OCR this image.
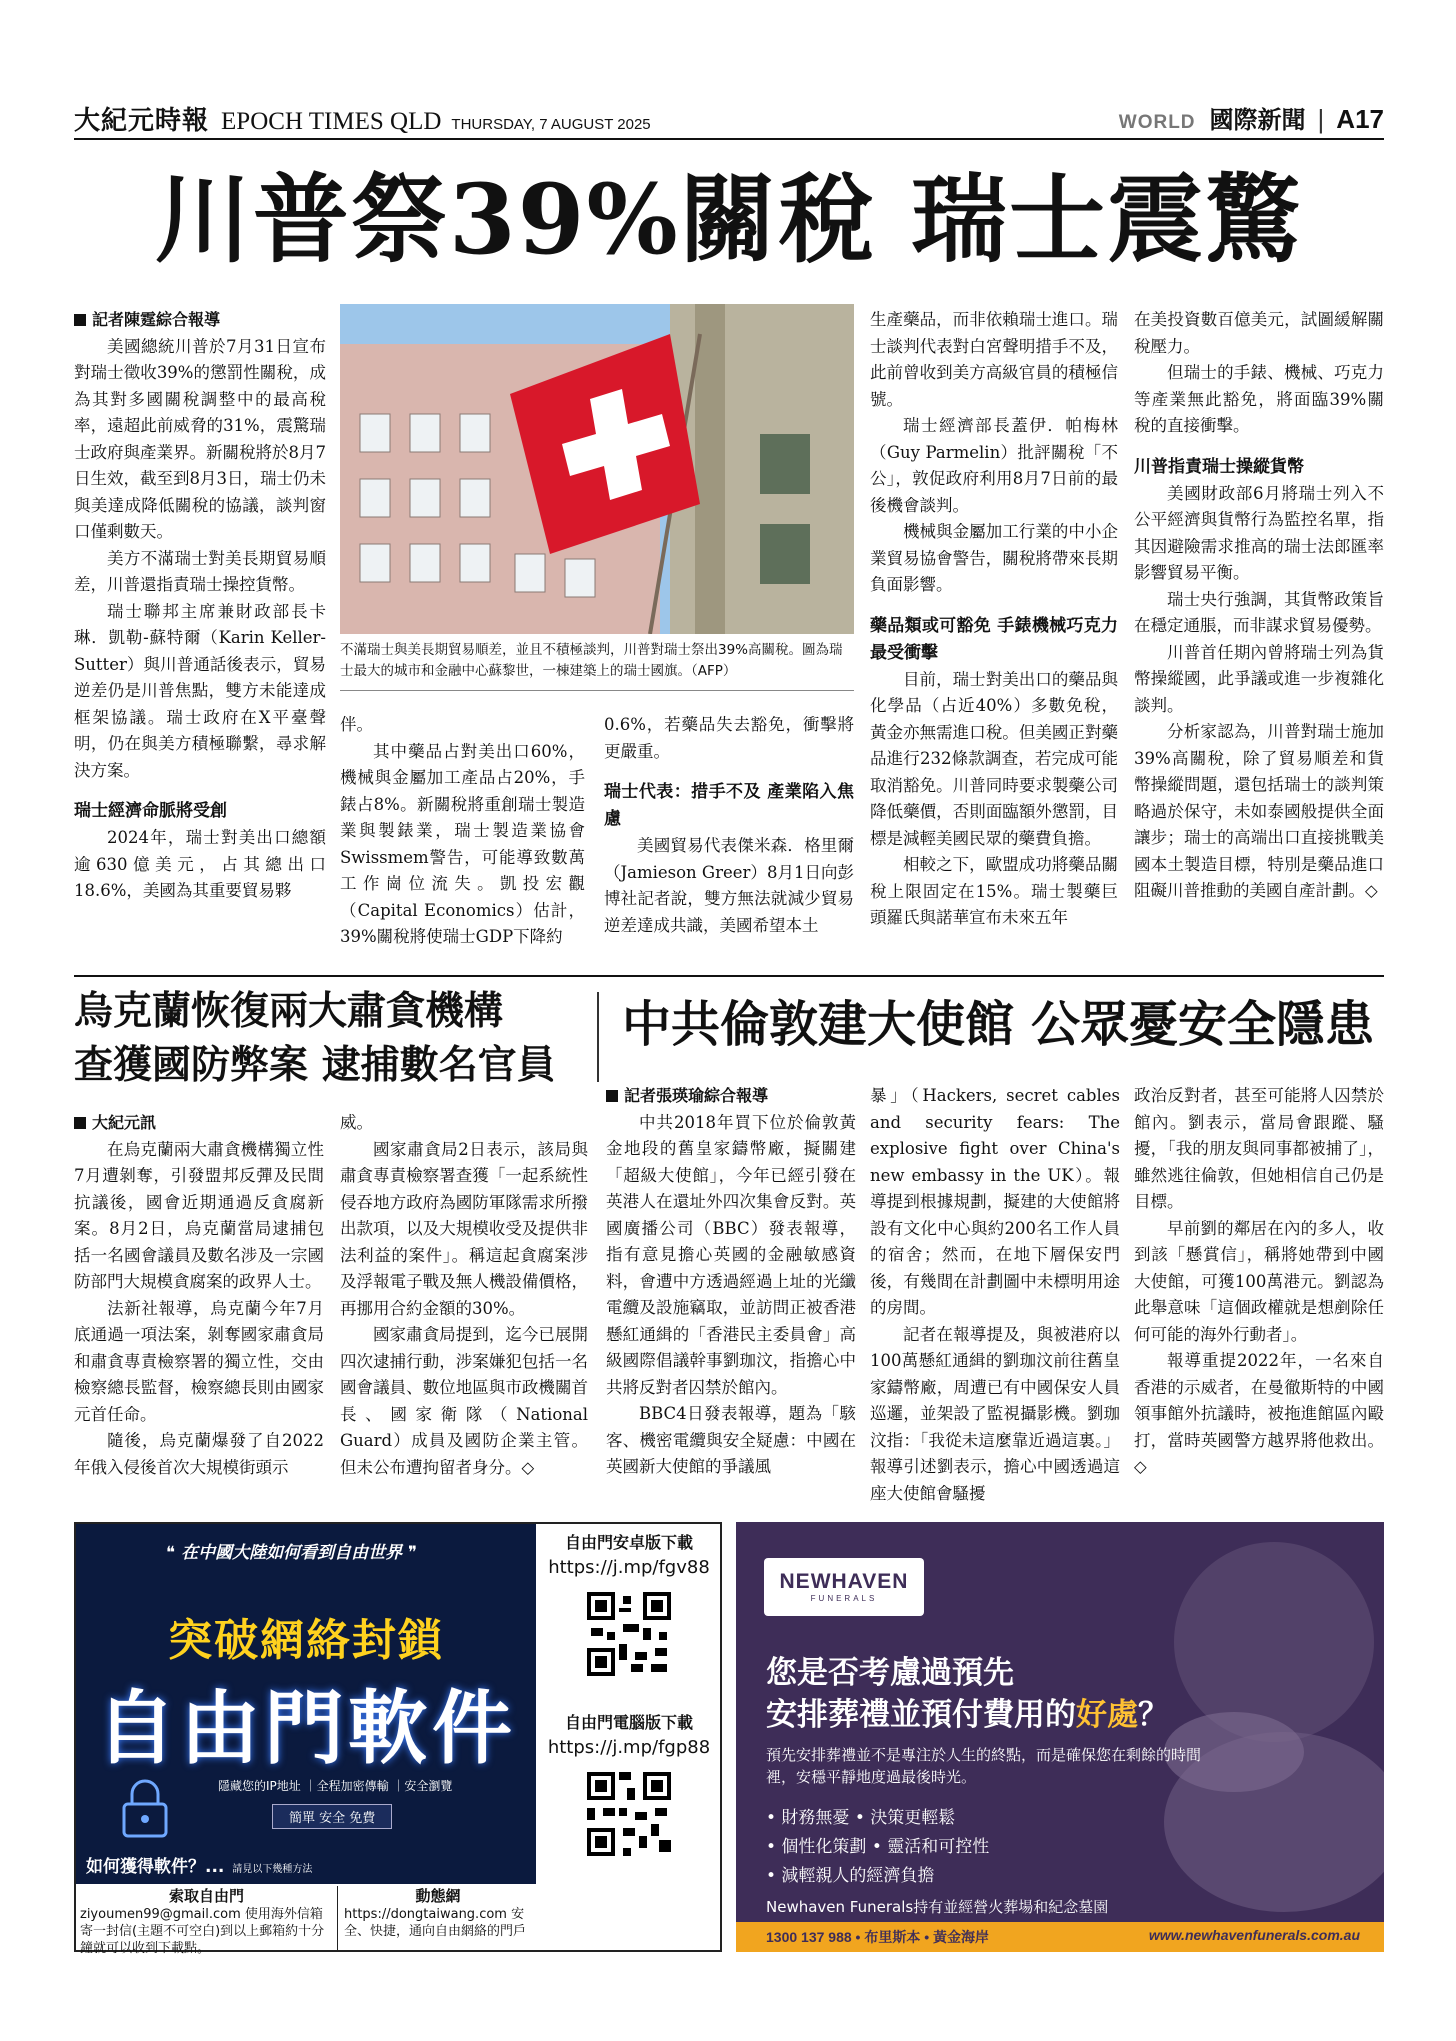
大紀元時報 EPOCH TIMES QLD THURSDAY, 7 AUGUST 2025	WORLD 國際新聞 | A17
川普祭39%關稅 瑞士震驚

記者陳霆綜合報導

美國總統川普於7月31日宣布對瑞士徵收39%的懲罰性關稅，成為其對多國關稅調整中的最高稅率，遠超此前威脅的31%，震驚瑞士政府與產業界。新關稅將於8月7日生效，截至到8月3日，瑞士仍未與美達成降低關稅的協議，談判窗口僅剩數天。

美方不滿瑞士對美長期貿易順差，川普還指責瑞士操控貨幣。

瑞士聯邦主席兼財政部長卡琳．凱勒-蘇特爾（Karin Keller-Sutter）與川普通話後表示，貿易逆差仍是川普焦點，雙方未能達成框架協議。瑞士政府在X平臺聲明，仍在與美方積極聯繫，尋求解決方案。

瑞士經濟命脈將受創

2024年，瑞士對美出口總額逾630億美元，占其總出口18.6%，美國為其重要貿易夥

不滿瑞士與美長期貿易順差，並且不積極談判，川普對瑞士祭出39%高關稅。圖為瑞士最大的城市和金融中心蘇黎世，一棟建築上的瑞士國旗。（AFP）

伴。

其中藥品占對美出口60%，機械與金屬加工產品占20%，手錶占8%。新關稅將重創瑞士製造業與製錶業，瑞士製造業協會Swissmem警告，可能導致數萬工作崗位流失。凱投宏觀（Capital Economics）估計，39%關稅將使瑞士GDP下降約

0.6%，若藥品失去豁免，衝擊將更嚴重。

瑞士代表：措手不及 產業陷入焦慮

美國貿易代表傑米森．格里爾（Jamieson Greer）8月1日向彭博社記者說，雙方無法就減少貿易逆差達成共識，美國希望本土

生產藥品，而非依賴瑞士進口。瑞士談判代表對白宮聲明措手不及，此前曾收到美方高級官員的積極信號。

瑞士經濟部長蓋伊．帕梅林（Guy Parmelin）批評關稅「不公」，敦促政府利用8月7日前的最後機會談判。

機械與金屬加工行業的中小企業貿易協會警告，關稅將帶來長期負面影響。

藥品類或可豁免 手錶機械巧克力最受衝擊

目前，瑞士對美出口的藥品與化學品（占近40%）多數免稅，黃金亦無需進口稅。但美國正對藥品進行232條款調查，若完成可能取消豁免。川普同時要求製藥公司降低藥價，否則面臨額外懲罰，目標是減輕美國民眾的藥費負擔。

相較之下，歐盟成功將藥品關稅上限固定在15%。瑞士製藥巨頭羅氏與諾華宣布未來五年

在美投資數百億美元，試圖緩解關稅壓力。

但瑞士的手錶、機械、巧克力等產業無此豁免，將面臨39%關稅的直接衝擊。

川普指責瑞士操縱貨幣

美國財政部6月將瑞士列入不公平經濟與貨幣行為監控名單，指其因避險需求推高的瑞士法郎匯率影響貿易平衡。

瑞士央行強調，其貨幣政策旨在穩定通脹，而非謀求貿易優勢。

川普首任期內曾將瑞士列為貨幣操縱國，此爭議或進一步複雜化談判。

分析家認為，川普對瑞士施加39%高關稅，除了貿易順差和貨幣操縱問題，還包括瑞士的談判策略過於保守，未如泰國般提供全面讓步；瑞士的高端出口直接挑戰美國本土製造目標，特別是藥品進口阻礙川普推動的美國自產計劃。◇

烏克蘭恢復兩大肅貪機構
查獲國防弊案 逮捕數名官員

大紀元訊

在烏克蘭兩大肅貪機構獨立性7月遭剝奪，引發盟邦反彈及民間抗議後，國會近期通過反貪腐新案。8月2日，烏克蘭當局逮捕包括一名國會議員及數名涉及一宗國防部門大規模貪腐案的政界人士。

法新社報導，烏克蘭今年7月底通過一項法案，剝奪國家肅貪局和肅貪專責檢察署的獨立性，交由檢察總長監督，檢察總長則由國家元首任命。

隨後，烏克蘭爆發了自2022年俄入侵後首次大規模街頭示

威。

國家肅貪局2日表示，該局與肅貪專責檢察署查獲「一起系統性侵吞地方政府為國防軍隊需求所撥出款項，以及大規模收受及提供非法利益的案件」。稱這起貪腐案涉及浮報電子戰及無人機設備價格，再挪用合約金額的30%。

國家肅貪局提到，迄今已展開四次逮捕行動，涉案嫌犯包括一名國會議員、數位地區與市政機關首長、國家衛隊（National Guard）成員及國防企業主管。但未公布遭拘留者身分。◇

中共倫敦建大使館 公眾憂安全隱患

記者張瑛瑜綜合報導

中共2018年買下位於倫敦黃金地段的舊皇家鑄幣廠，擬關建「超級大使館」，今年已經引發在英港人在還址外四次集會反對。英國廣播公司（BBC）發表報導，指有意見擔心英國的金融敏感資料，會遭中方透過經過上址的光纖電纜及設施竊取，並訪問正被香港懸紅通緝的「香港民主委員會」高級國際倡議幹事劉珈汶，指擔心中共將反對者囚禁於館內。

BBC4日發表報導，題為「駭客、機密電纜與安全疑慮：中國在英國新大使館的爭議風

暴」（Hackers, secret cables and security fears: The explosive fight over China's new embassy in the UK）。報導提到根據規劃，擬建的大使館將設有文化中心與約200名工作人員的宿舍；然而，在地下層保安門後，有幾間在計劃圖中未標明用途的房間。

記者在報導提及，與被港府以100萬懸紅通緝的劉珈汶前往舊皇家鑄幣廠，周遭已有中國保安人員巡邏，並架設了監視攝影機。劉珈汶指：「我從未這麼靠近過這裏。」報導引述劉表示，擔心中國透過這座大使館會騷擾

政治反對者，甚至可能將人囚禁於館內。劉表示，當局會跟蹤、騷擾，「我的朋友與同事都被捕了」，雖然逃往倫敦，但她相信自己仍是目標。

早前劉的鄰居在內的多人，收到該「懸賞信」，稱將她帶到中國大使館，可獲100萬港元。劉認為此舉意味「這個政權就是想剷除任何可能的海外行動者」。

報導重提2022年，一名來自香港的示威者，在曼徹斯特的中國領事館外抗議時，被拖進館區內毆打，當時英國警方越界將他救出。◇

❝ 在中國大陸如何看到自由世界 ❞
突破網絡封鎖
自由門軟件
隱藏您的IP地址 ｜全程加密傳輸 ｜安全瀏覽
簡單 安全 免費
如何獲得軟件？... 請見以下幾種方法
自由門安卓版下載
https://j.mp/fgv88
自由門電腦版下載
https://j.mp/fgp88
索取自由門
ziyoumen99@gmail.com 使用海外信箱寄一封信(主題不可空白)到以上郵箱約十分鐘就可以收到下載點。
動態網
https://dongtaiwang.com 安全、快捷，通向自由網絡的門戶
NEWHAVEN
FUNERALS
您是否考慮過預先
安排葬禮並預付費用的好處？
預先安排葬禮並不是專注於人生的終點，而是確保您在剩餘的時間裡，安穩平靜地度過最後時光。
• 財務無憂 • 決策更輕鬆
• 個性化策劃 • 靈活和可控性
• 減輕親人的經濟負擔
Newhaven Funerals持有並經營火葬場和紀念墓園
1300 137 988 • 布里斯本 • 黃金海岸	www.newhavenfunerals.com.au
